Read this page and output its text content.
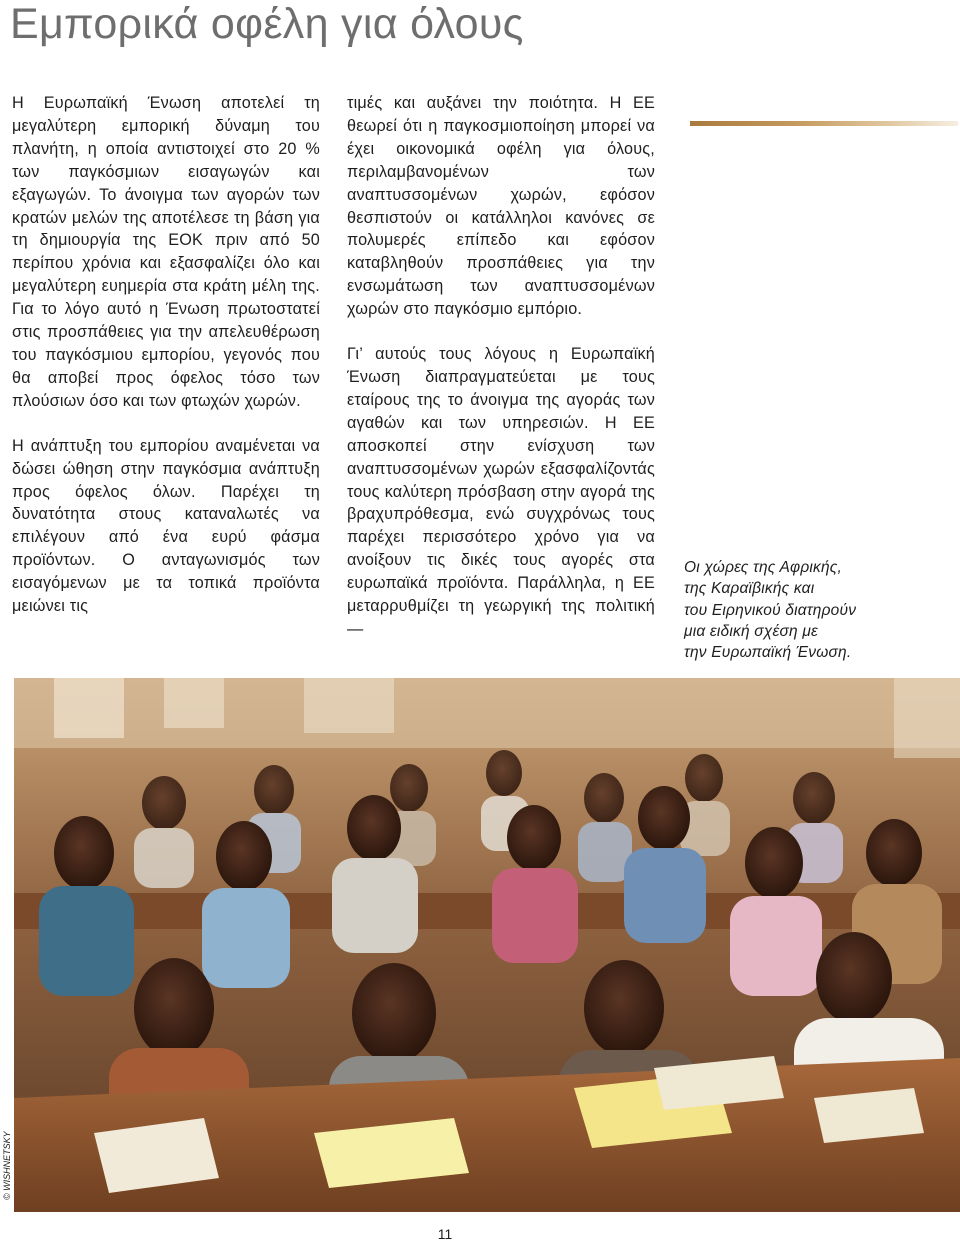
Εμπορικά οφέλη για όλους

Η Ευρωπαϊκή Ένωση αποτελεί τη μεγαλύτερη εμπορική δύναμη του πλανήτη, η οποία αντιστοιχεί στο 20 % των παγκόσμιων εισαγωγών και εξαγωγών. Το άνοιγμα των αγορών των κρατών μελών της αποτέλεσε τη βάση για τη δημιουργία της ΕΟΚ πριν από 50 περίπου χρόνια και εξασφαλίζει όλο και μεγαλύτερη ευημερία στα κράτη μέλη της. Για το λόγο αυτό η Ένωση πρωτοστατεί στις προσπάθειες για την απελευθέρωση του παγκόσμιου εμπορίου, γεγονός που θα αποβεί προς όφελος τόσο των πλούσιων όσο και των φτωχών χωρών.

Η ανάπτυξη του εμπορίου αναμένεται να δώσει ώθηση στην παγκόσμια ανάπτυξη προς όφελος όλων. Παρέχει τη δυνατότητα στους καταναλωτές να επιλέγουν από ένα ευρύ φάσμα προϊόντων. Ο ανταγωνισμός των εισαγόμενων με τα τοπικά προϊόντα μειώνει τις

τιμές και αυξάνει την ποιότητα. Η ΕΕ θεωρεί ότι η παγκοσμιοποίηση μπορεί να έχει οικονομικά οφέλη για όλους, περιλαμβανομένων των αναπτυσσομένων χωρών, εφόσον θεσπιστούν οι κατάλληλοι κανόνες σε πολυμερές επίπεδο και εφόσον καταβληθούν προσπάθειες για την ενσωμάτωση των αναπτυσσομένων χωρών στο παγκόσμιο εμπόριο.

Γι’ αυτούς τους λόγους η Ευρωπαϊκή Ένωση διαπραγματεύεται με τους εταίρους της το άνοιγμα της αγοράς των αγαθών και των υπηρεσιών. Η ΕΕ αποσκοπεί στην ενίσχυση των αναπτυσσομένων χωρών εξασφαλίζοντάς τους καλύτερη πρόσβαση στην αγορά της βραχυπρόθεσμα, ενώ συγχρόνως τους παρέχει περισσότερο χρόνο για να ανοίξουν τις δικές τους αγορές στα ευρωπαϊκά προϊόντα. Παράλληλα, η ΕΕ μεταρρυθμίζει τη γεωργική της πολιτική —

Οι χώρες της Αφρικής,
της Καραϊβικής και
του Ειρηνικού διατηρούν
μια ειδική σχέση με
την Ευρωπαϊκή Ένωση.
© WISHNETSKY
11
